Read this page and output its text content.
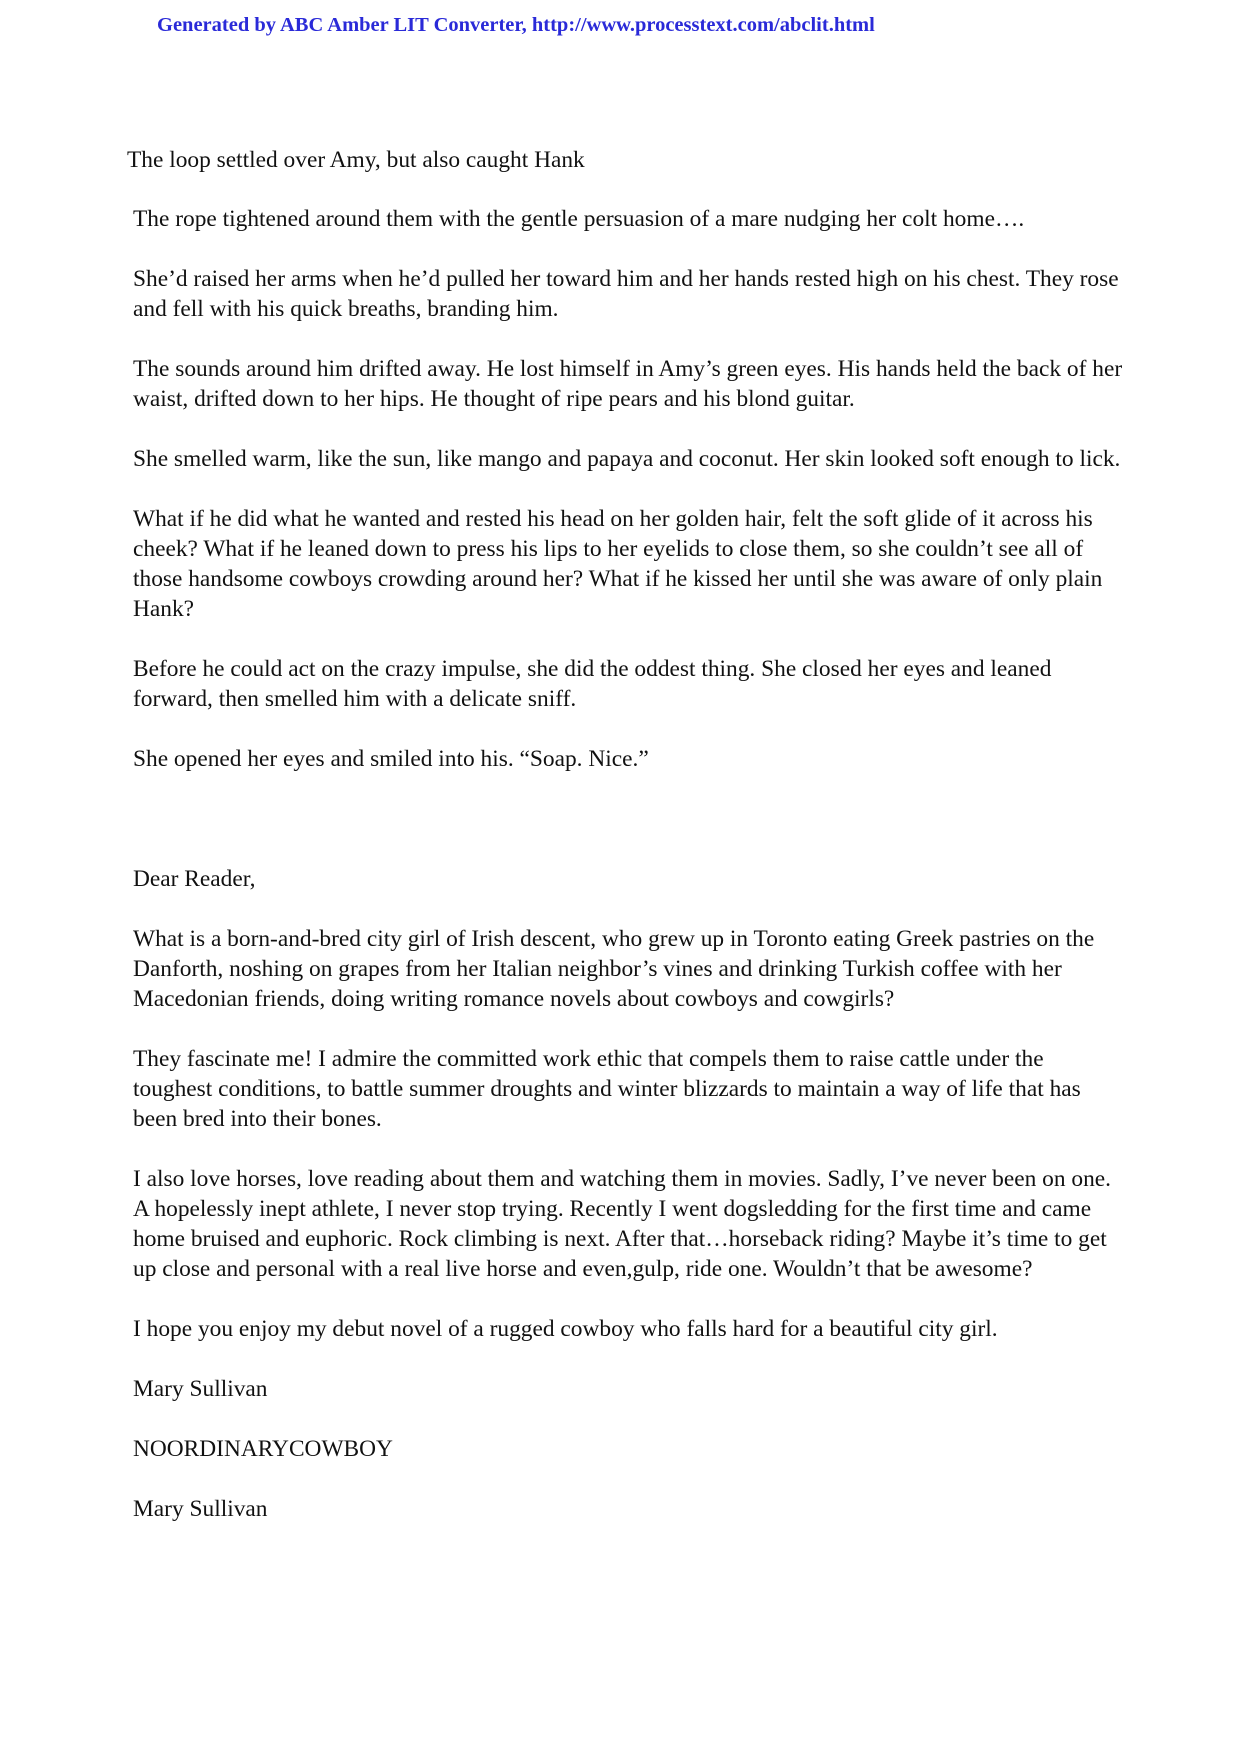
Generated by ABC Amber LIT Converter, http://www.processtext.com/abclit.html

The loop settled over Amy, but also caught Hank

The rope tightened around them with the gentle persuasion of a mare nudging her colt home….

She’d raised her arms when he’d pulled her toward him and her hands rested high on his chest. They rose and fell with his quick breaths, branding him.

The sounds around him drifted away. He lost himself in Amy’s green eyes. His hands held the back of her waist, drifted down to her hips. He thought of ripe pears and his blond guitar.

She smelled warm, like the sun, like mango and papaya and coconut. Her skin looked soft enough to lick.

What if he did what he wanted and rested his head on her golden hair, felt the soft glide of it across his cheek? What if he leaned down to press his lips to her eyelids to close them, so she couldn’t see all of those handsome cowboys crowding around her? What if he kissed her until she was aware of only plain Hank?

Before he could act on the crazy impulse, she did the oddest thing. She closed her eyes and leaned forward, then smelled him with a delicate sniff.

She opened her eyes and smiled into his. “Soap. Nice.”

Dear Reader,

What is a born-and-bred city girl of Irish descent, who grew up in Toronto eating Greek pastries on the Danforth, noshing on grapes from her Italian neighbor’s vines and drinking Turkish coffee with her Macedonian friends, doing writing romance novels about cowboys and cowgirls?

They fascinate me! I admire the committed work ethic that compels them to raise cattle under the toughest conditions, to battle summer droughts and winter blizzards to maintain a way of life that has been bred into their bones.

I also love horses, love reading about them and watching them in movies. Sadly, I’ve never been on one. A hopelessly inept athlete, I never stop trying. Recently I went dogsledding for the first time and came home bruised and euphoric. Rock climbing is next. After that…horseback riding? Maybe it’s time to get up close and personal with a real live horse and even,gulp, ride one. Wouldn’t that be awesome?

I hope you enjoy my debut novel of a rugged cowboy who falls hard for a beautiful city girl.

Mary Sullivan

NOORDINARYCOWBOY

Mary Sullivan
